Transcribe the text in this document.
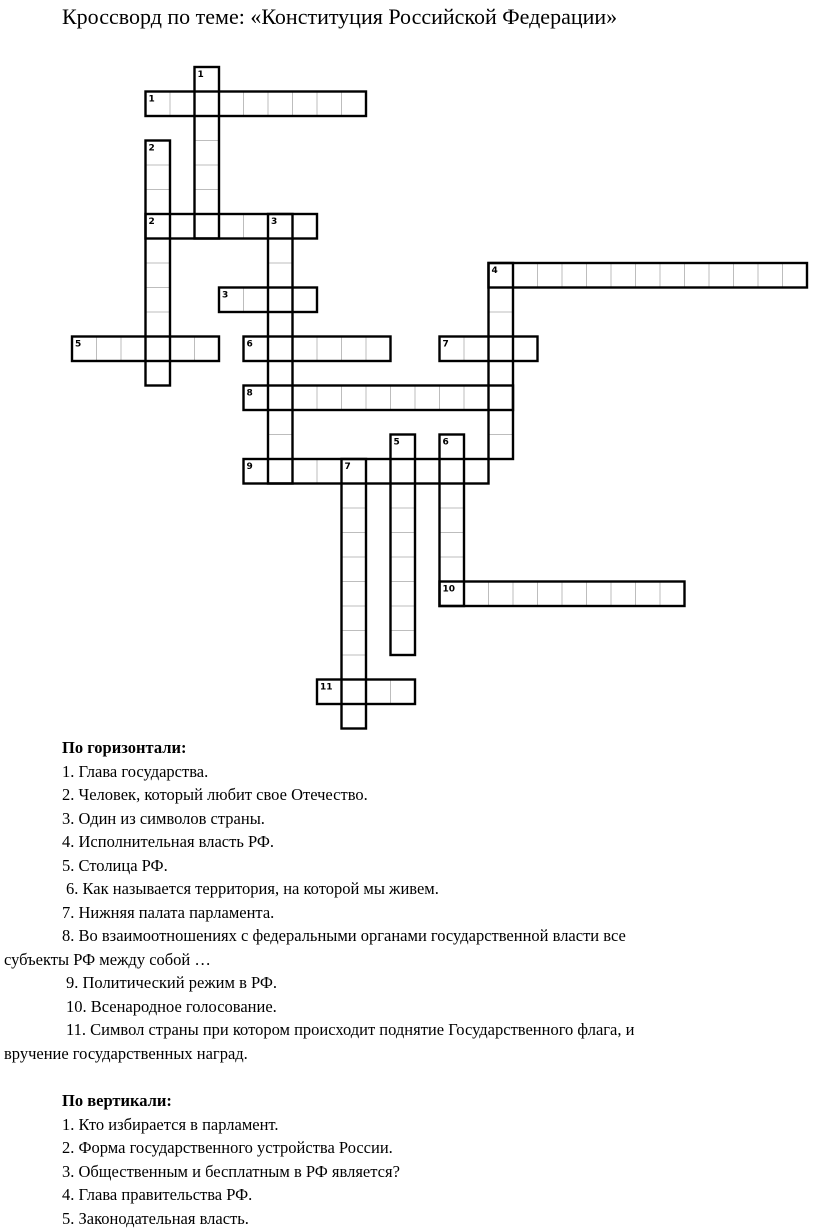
Кроссворд по теме: «Конституция Российской Федерации»
1
2
3
4
5	6	7
8
9
10
11
1
2
3
5	6
7
По горизонтали:
1. Глава государства.
2. Человек, который любит свое Отечество.
3. Один из символов страны.
4. Исполнительная власть РФ.
5. Столица РФ.
6. Как называется территория, на которой мы живем.
7. Нижняя палата парламента.
8. Во взаимоотношениях с федеральными органами государственной власти все
субъекты РФ между собой …
9. Политический режим в РФ.
10. Всенародное голосование.
11. Символ страны при котором происходит поднятие Государственного флага, и
вручение государственных наград.
По вертикали:
1. Кто избирается в парламент.
2. Форма государственного устройства России.
3. Общественным и бесплатным в РФ является?
4. Глава правительства РФ.
5. Законодательная власть.
